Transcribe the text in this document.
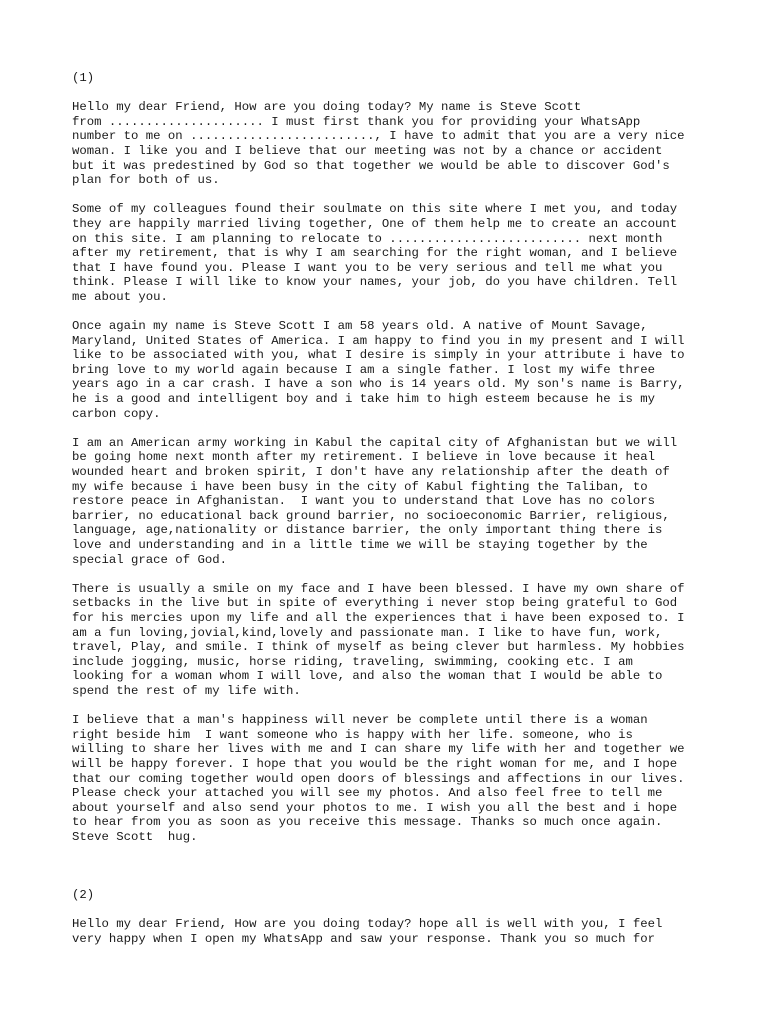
(1)
Hello my dear Friend, How are you doing today? My name is Steve Scott
from ..................... I must first thank you for providing your WhatsApp
number to me on ........................., I have to admit that you are a very nice
woman. I like you and I believe that our meeting was not by a chance or accident
but it was predestined by God so that together we would be able to discover God's
plan for both of us.
Some of my colleagues found their soulmate on this site where I met you, and today
they are happily married living together, One of them help me to create an account
on this site. I am planning to relocate to .......................... next month
after my retirement, that is why I am searching for the right woman, and I believe
that I have found you. Please I want you to be very serious and tell me what you
think. Please I will like to know your names, your job, do you have children. Tell
me about you.
Once again my name is Steve Scott I am 58 years old. A native of Mount Savage,
Maryland, United States of America. I am happy to find you in my present and I will
like to be associated with you, what I desire is simply in your attribute i have to
bring love to my world again because I am a single father. I lost my wife three
years ago in a car crash. I have a son who is 14 years old. My son's name is Barry,
he is a good and intelligent boy and i take him to high esteem because he is my
carbon copy.
I am an American army working in Kabul the capital city of Afghanistan but we will
be going home next month after my retirement. I believe in love because it heal
wounded heart and broken spirit, I don't have any relationship after the death of
my wife because i have been busy in the city of Kabul fighting the Taliban, to
restore peace in Afghanistan.  I want you to understand that Love has no colors
barrier, no educational back ground barrier, no socioeconomic Barrier, religious,
language, age,nationality or distance barrier, the only important thing there is
love and understanding and in a little time we will be staying together by the
special grace of God.
There is usually a smile on my face and I have been blessed. I have my own share of
setbacks in the live but in spite of everything i never stop being grateful to God
for his mercies upon my life and all the experiences that i have been exposed to. I
am a fun loving,jovial,kind,lovely and passionate man. I like to have fun, work,
travel, Play, and smile. I think of myself as being clever but harmless. My hobbies
include jogging, music, horse riding, traveling, swimming, cooking etc. I am
looking for a woman whom I will love, and also the woman that I would be able to
spend the rest of my life with.
I believe that a man's happiness will never be complete until there is a woman
right beside him  I want someone who is happy with her life. someone, who is
willing to share her lives with me and I can share my life with her and together we
will be happy forever. I hope that you would be the right woman for me, and I hope
that our coming together would open doors of blessings and affections in our lives.
Please check your attached you will see my photos. And also feel free to tell me
about yourself and also send your photos to me. I wish you all the best and i hope
to hear from you as soon as you receive this message. Thanks so much once again.
Steve Scott  hug.
(2)
Hello my dear Friend, How are you doing today? hope all is well with you, I feel
very happy when I open my WhatsApp and saw your response. Thank you so much for
